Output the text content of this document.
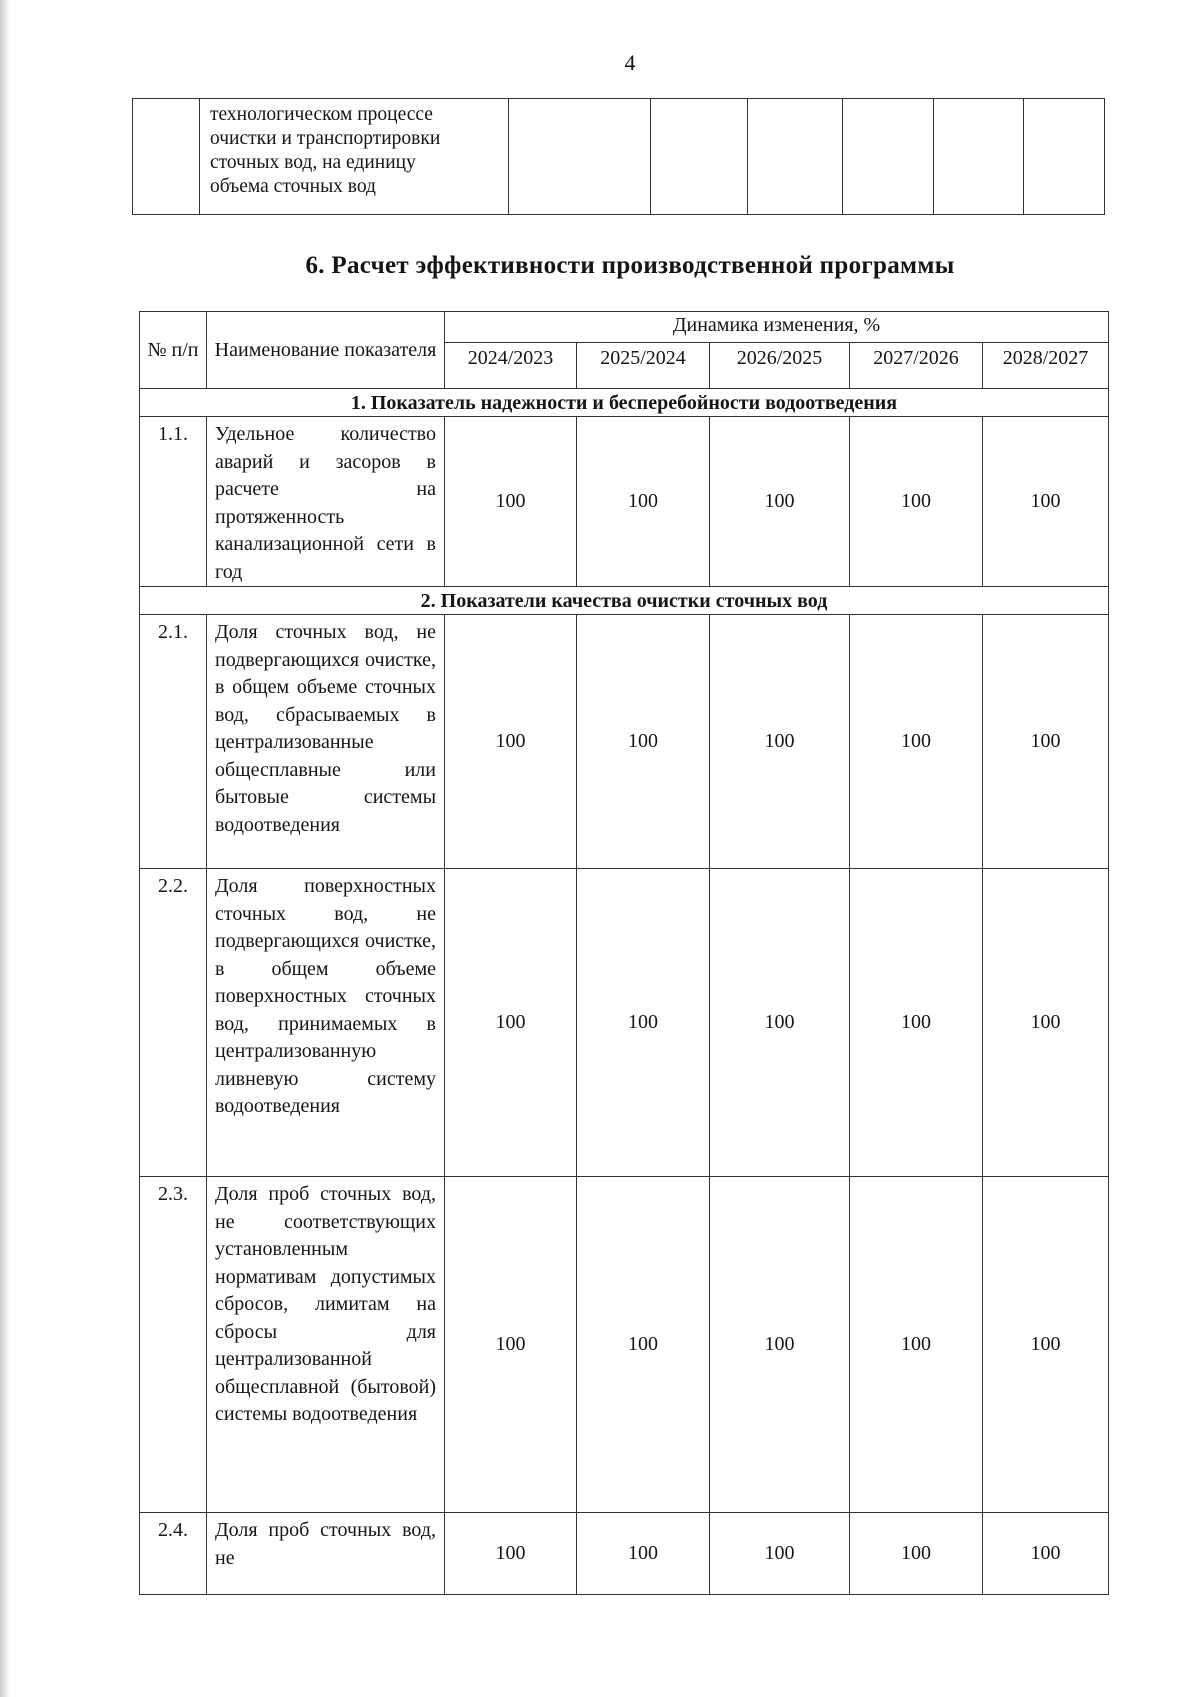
4

технологическом процессе
очистки и транспортировки
сточных вод, на единицу
объема сточных вод

6. Расчет эффективности производственной программы
№ п/п	Наименование показателя	Динамика изменения, %				
		2024/2023	2025/2024	2026/2025	2027/2026	2028/2027
1. Показатель надежности и бесперебойности водоотведения						
1.1.	Удельное количество аварий и засоров в расчете на протяженность канализационной сети в год	100	100	100	100	100
2. Показатели качества очистки сточных вод						
2.1.	Доля сточных вод, не подвергающихся очистке, в общем объеме сточных вод, сбрасываемых в централизованные общесплавные или бытовые системы водоотведения	100	100	100	100	100
2.2.	Доля поверхностных сточных вод, не подвергающихся очистке, в общем объеме поверхностных сточных вод, принимаемых в централизованную ливневую систему водоотведения	100	100	100	100	100
2.3.	Доля проб сточных вод, не соответствующих установленным нормативам допустимых сбросов, лимитам на сбросы для централизованной общесплавной (бытовой) системы водоотведения	100	100	100	100	100
2.4.	Доля проб сточных вод, не	100	100	100	100	100
